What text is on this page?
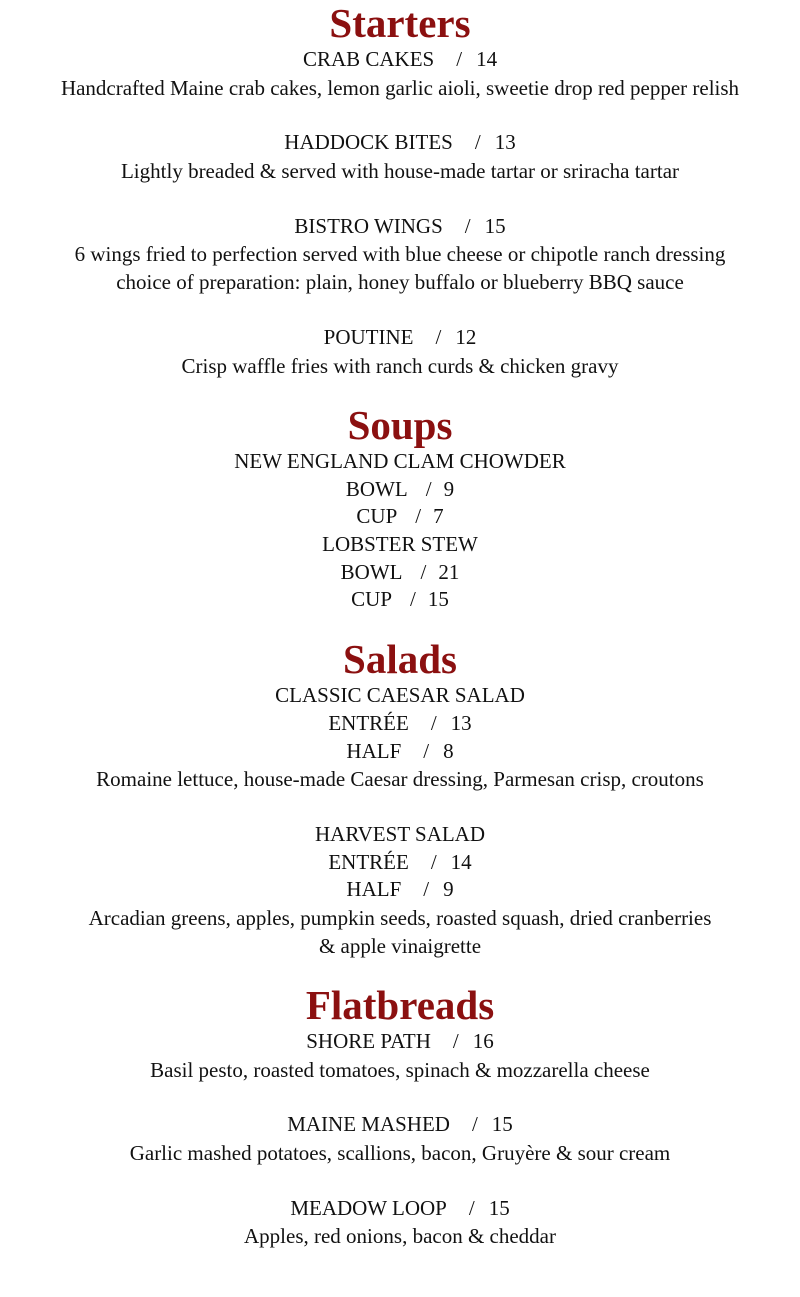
Starters
CRAB CAKES / 14
Handcrafted Maine crab cakes, lemon garlic aioli, sweetie drop red pepper relish
HADDOCK BITES / 13
Lightly breaded & served with house-made tartar or sriracha tartar
BISTRO WINGS / 15
6 wings fried to perfection served with blue cheese or chipotle ranch dressing
choice of preparation: plain, honey buffalo or blueberry BBQ sauce
POUTINE / 12
Crisp waffle fries with ranch curds & chicken gravy
Soups
NEW ENGLAND CLAM CHOWDER
BOWL / 9
CUP / 7
LOBSTER STEW
BOWL / 21
CUP / 15
Salads
CLASSIC CAESAR SALAD
ENTRÉE / 13
HALF / 8
Romaine lettuce, house-made Caesar dressing, Parmesan crisp, croutons
HARVEST SALAD
ENTRÉE / 14
HALF / 9
Arcadian greens, apples, pumpkin seeds, roasted squash, dried cranberries
& apple vinaigrette
Flatbreads
SHORE PATH / 16
Basil pesto, roasted tomatoes, spinach & mozzarella cheese
MAINE MASHED / 15
Garlic mashed potatoes, scallions, bacon, Gruyère & sour cream
MEADOW LOOP / 15
Apples, red onions, bacon & cheddar
